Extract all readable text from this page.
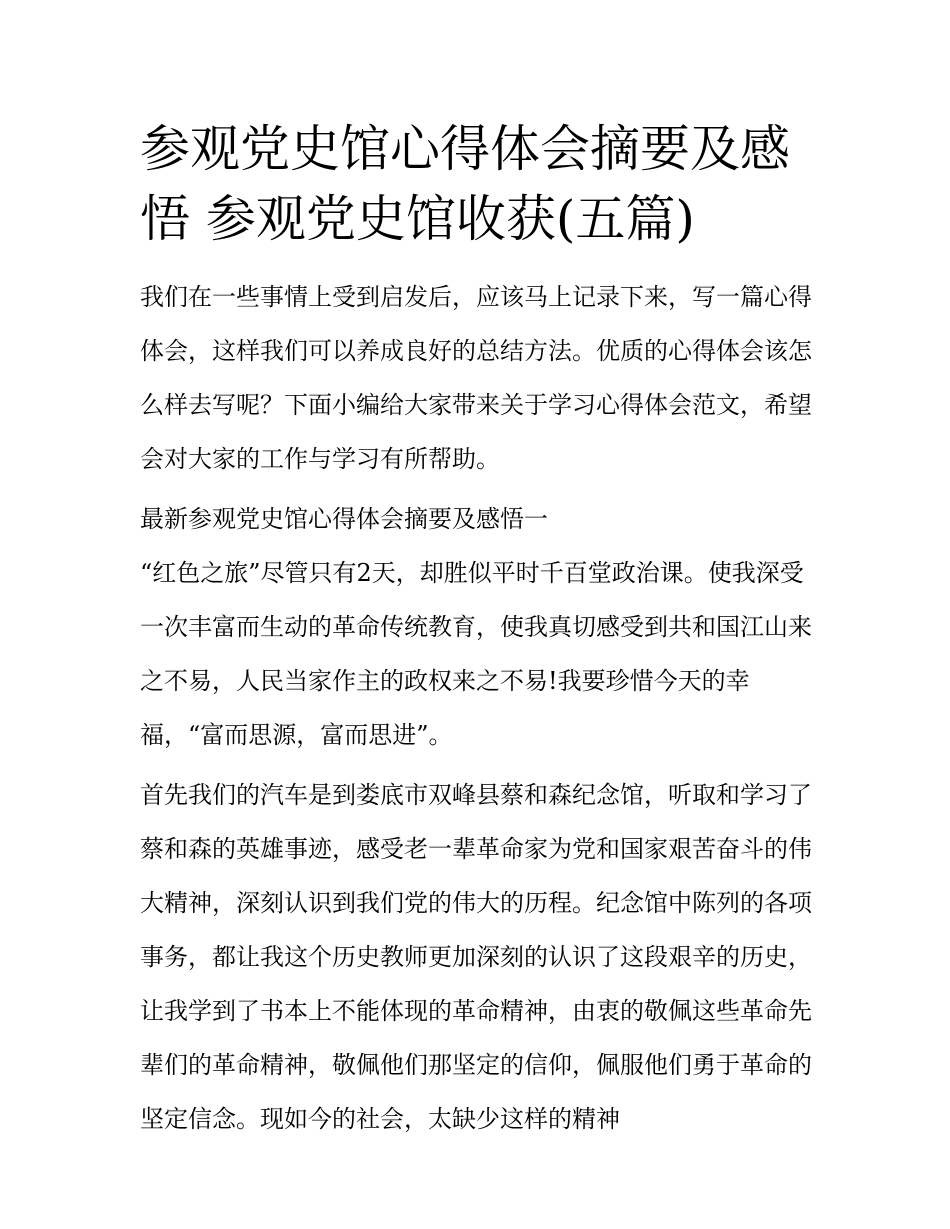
参观党史馆心得体会摘要及感悟 参观党史馆收获(五篇)

我们在一些事情上受到启发后，应该马上记录下来，写一篇心得体会，这样我们可以养成良好的总结方法。优质的心得体会该怎么样去写呢？下面小编给大家带来关于学习心得体会范文，希望会对大家的工作与学习有所帮助。

最新参观党史馆心得体会摘要及感悟一

“红色之旅”尽管只有2天，却胜似平时千百堂政治课。使我深受一次丰富而生动的革命传统教育，使我真切感受到共和国江山来之不易，人民当家作主的政权来之不易!我要珍惜今天的幸福，“富而思源，富而思进”。

首先我们的汽车是到娄底市双峰县蔡和森纪念馆，听取和学习了蔡和森的英雄事迹，感受老一辈革命家为党和国家艰苦奋斗的伟大精神，深刻认识到我们党的伟大的历程。纪念馆中陈列的各项事务，都让我这个历史教师更加深刻的认识了这段艰辛的历史，让我学到了书本上不能体现的革命精神，由衷的敬佩这些革命先辈们的革命精神，敬佩他们那坚定的信仰，佩服他们勇于革命的坚定信念。现如今的社会，太缺少这样的精神
